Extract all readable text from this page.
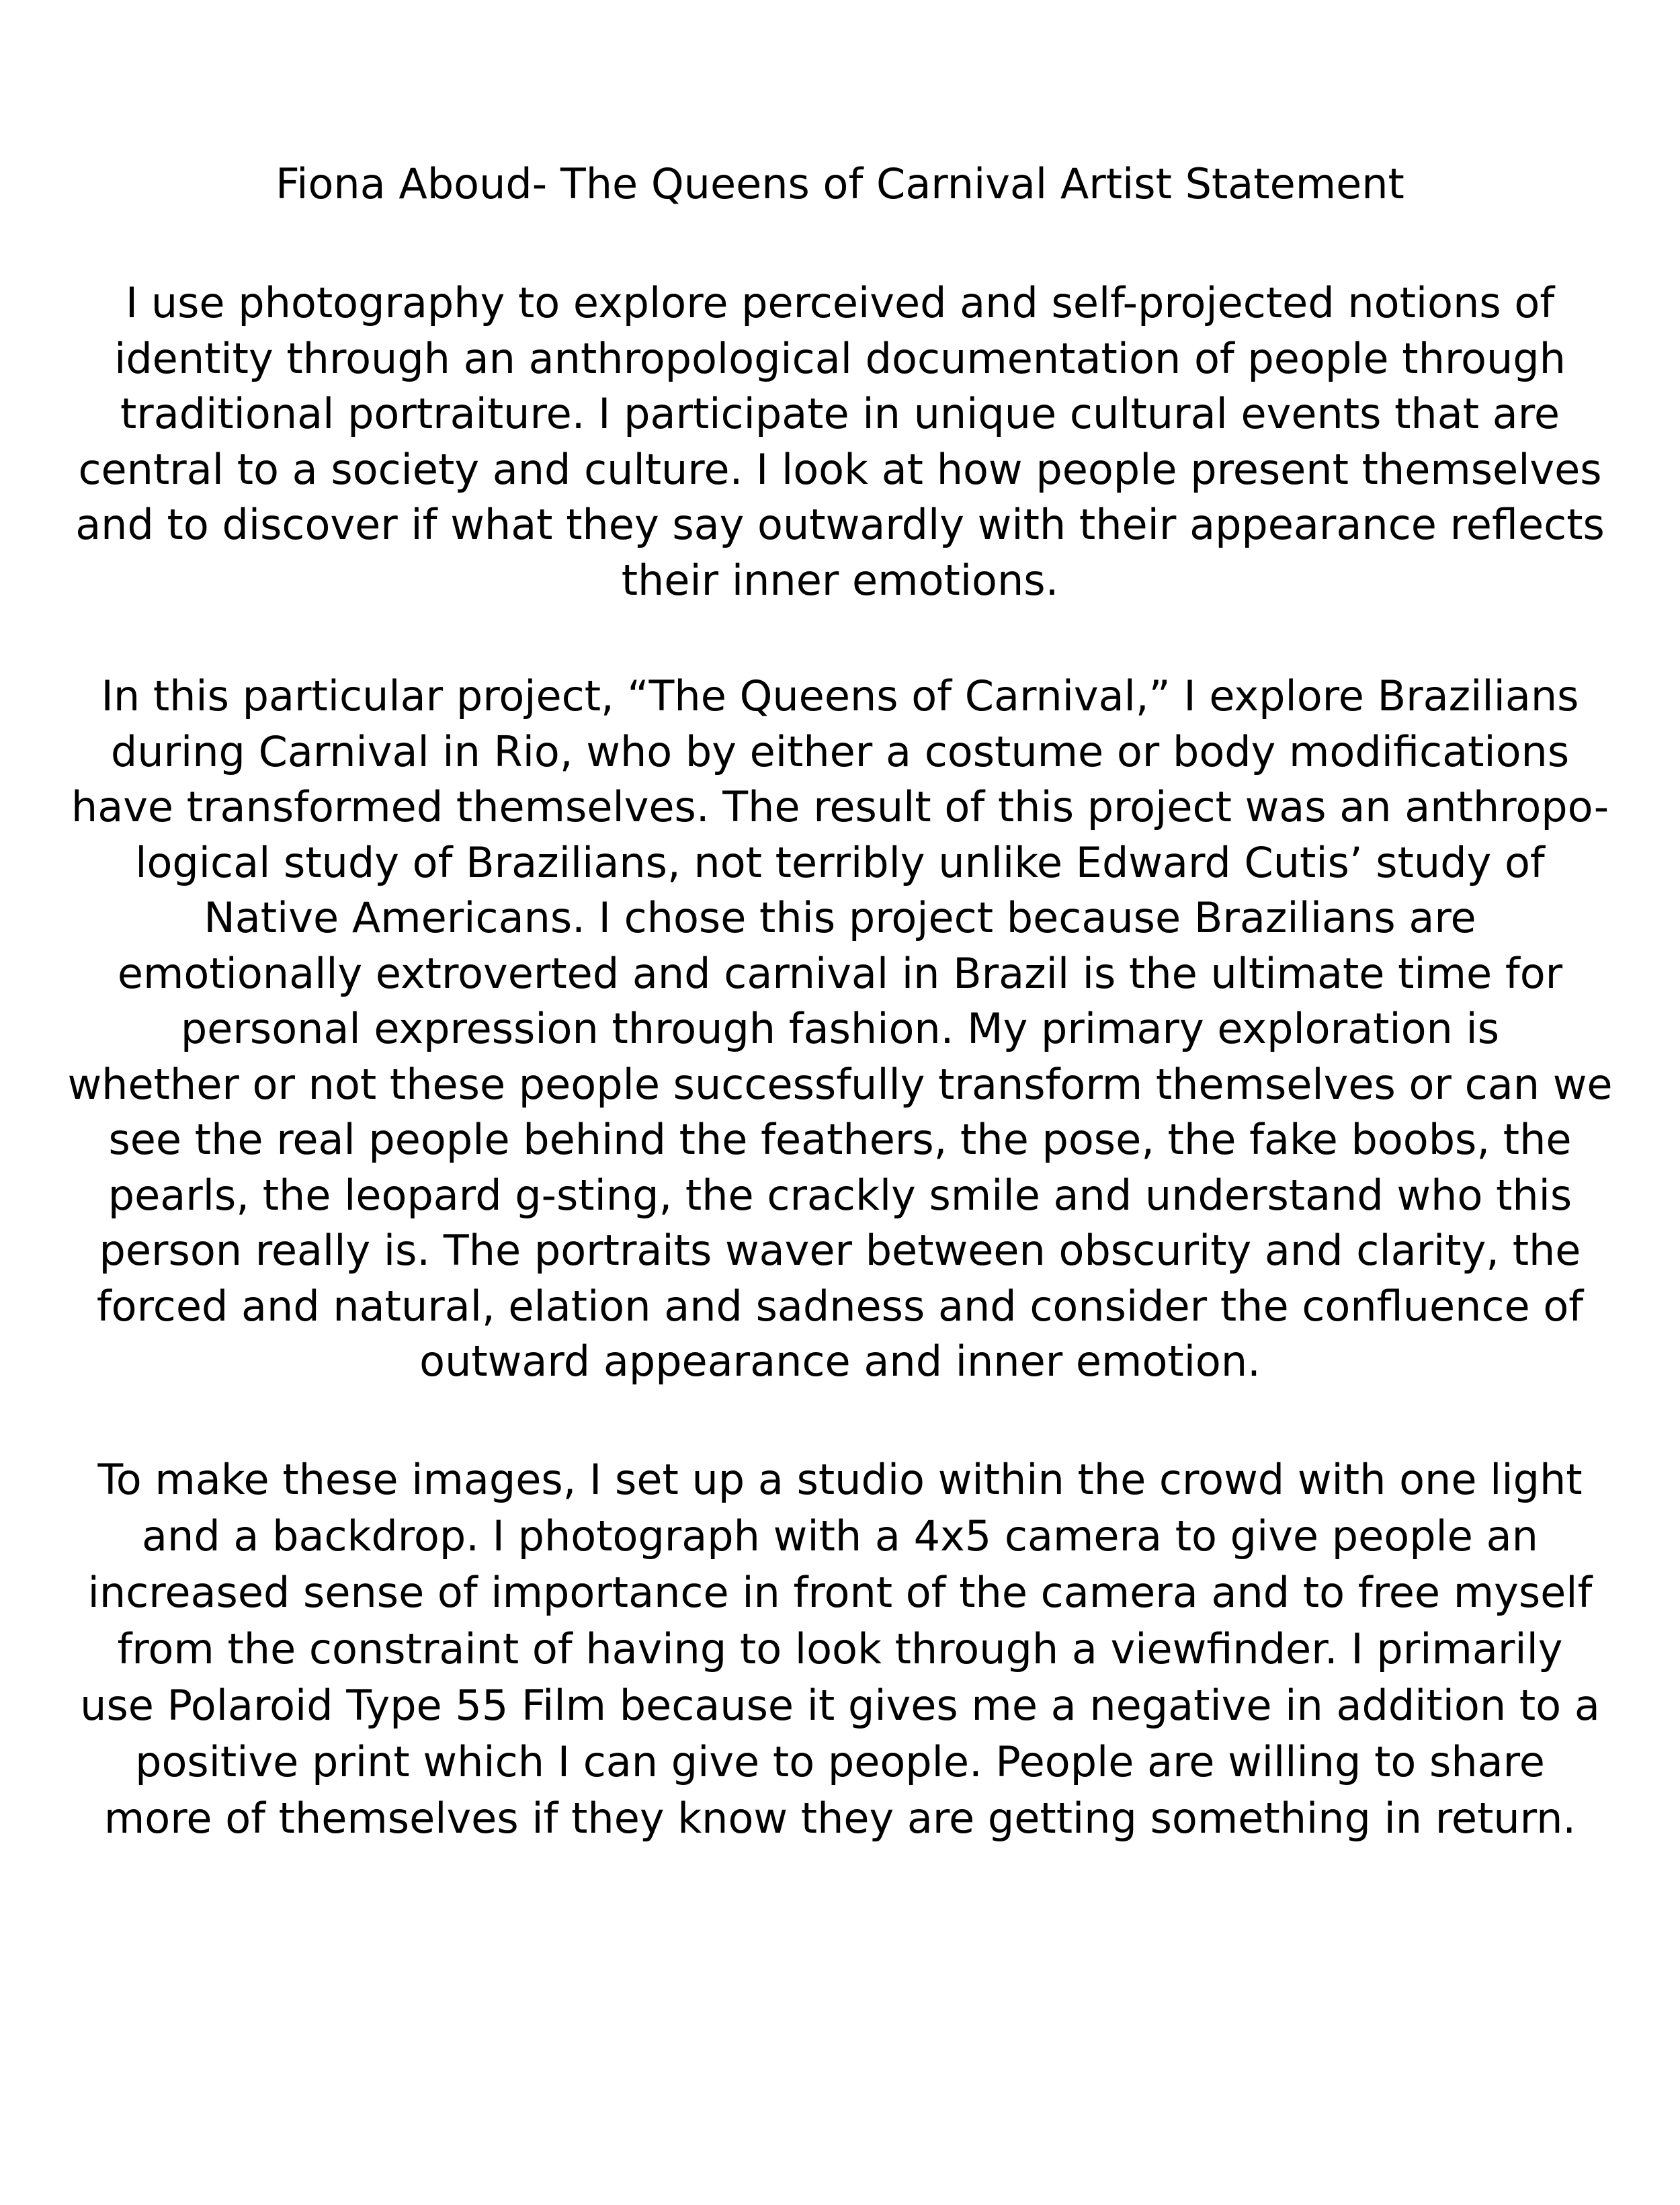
Fiona Aboud- The Queens of Carnival Artist Statement
I use photography to explore perceived and self-projected notions of
identity through an anthropological documentation of people through
traditional portraiture. I participate in unique cultural events that are
central to a society and culture. I look at how people present themselves
and to discover if what they say outwardly with their appearance reflects
their inner emotions.
In this particular project, “The Queens of Carnival,” I explore Brazilians
during Carnival in Rio, who by either a costume or body modifications
have transformed themselves. The result of this project was an anthropo-
logical study of Brazilians, not terribly unlike Edward Cutis’ study of
Native Americans. I chose this project because Brazilians are
emotionally extroverted and carnival in Brazil is the ultimate time for
personal expression through fashion. My primary exploration is
whether or not these people successfully transform themselves or can we
see the real people behind the feathers, the pose, the fake boobs, the
pearls, the leopard g-sting, the crackly smile and understand who this
person really is. The portraits waver between obscurity and clarity, the
forced and natural, elation and sadness and consider the confluence of
outward appearance and inner emotion.
To make these images, I set up a studio within the crowd with one light
and a backdrop. I photograph with a 4x5 camera to give people an
increased sense of importance in front of the camera and to free myself
from the constraint of having to look through a viewfinder. I primarily
use Polaroid Type 55 Film because it gives me a negative in addition to a
positive print which I can give to people. People are willing to share
more of themselves if they know they are getting something in return.
